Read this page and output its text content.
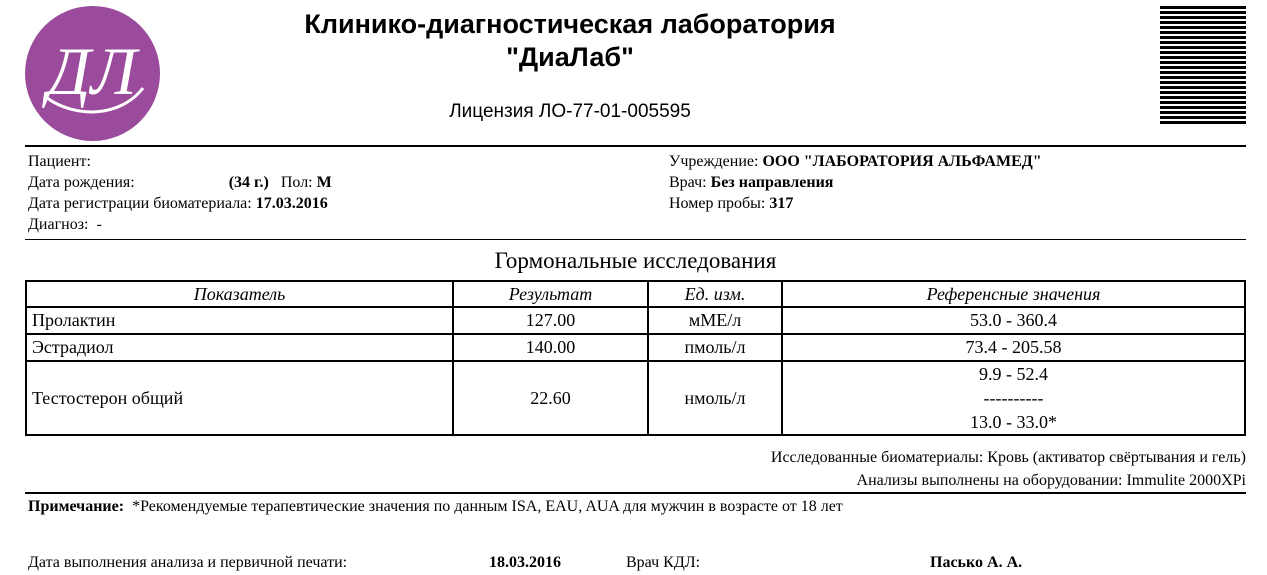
ДЛ
Клинико-диагностическая лаборатория
"ДиаЛаб"
Лицензия ЛО-77-01-005595
Пациент:
Дата рождения:	(34 г.) Пол: М
Дата регистрации биоматериала: 17.03.2016
Диагноз: -
Учреждение: ООО "ЛАБОРАТОРИЯ АЛЬФАМЕД"
Врач: Без направления
Номер пробы: 317
Гормональные исследования
Показатель	Результат	Ед. изм.	Референсные значения
Пролактин	127.00	мМЕ/л	53.0 - 360.4
Эстрадиол	140.00	пмоль/л	73.4 - 205.58
Тестостерон общий	22.60	нмоль/л	9.9 - 52.4
----------
13.0 - 33.0*
Исследованные биоматериалы: Кровь (активатор свёртывания и гель)
Анализы выполнены на оборудовании: Immulite 2000XPi
Примечание: *Рекомендуемые терапевтические значения по данным ISA, EAU, AUA для мужчин в возрасте от 18 лет
Дата выполнения анализа и первичной печати:	18.03.2016	Врач КДЛ:	Пасько А. А.
